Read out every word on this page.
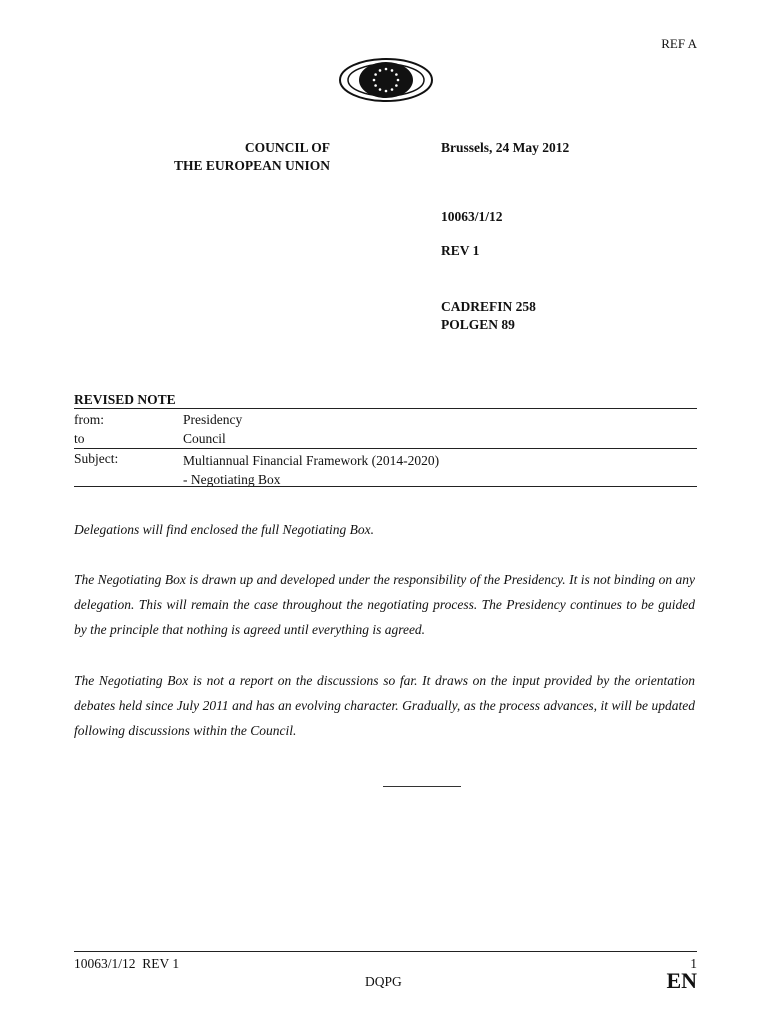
REF A
COUNCIL OF
THE EUROPEAN UNION
Brussels, 24 May 2012
10063/1/12
REV 1
CADREFIN 258
POLGEN 89
REVISED NOTE
from:	Presidency
to	Council
Subject:	Multiannual Financial Framework (2014-2020)
- Negotiating Box
Delegations will find enclosed the full Negotiating Box.
The Negotiating Box is drawn up and developed under the responsibility of the Presidency. It is not binding on any delegation. This will remain the case throughout the negotiating process. The Presidency continues to be guided by the principle that nothing is agreed until everything is agreed.
The Negotiating Box is not a report on the discussions so far. It draws on the input provided by the orientation debates held since July 2011 and has an evolving character. Gradually, as the process advances, it will be updated following discussions within the Council.
10063/1/12  REV 1
DQPG
1
EN
